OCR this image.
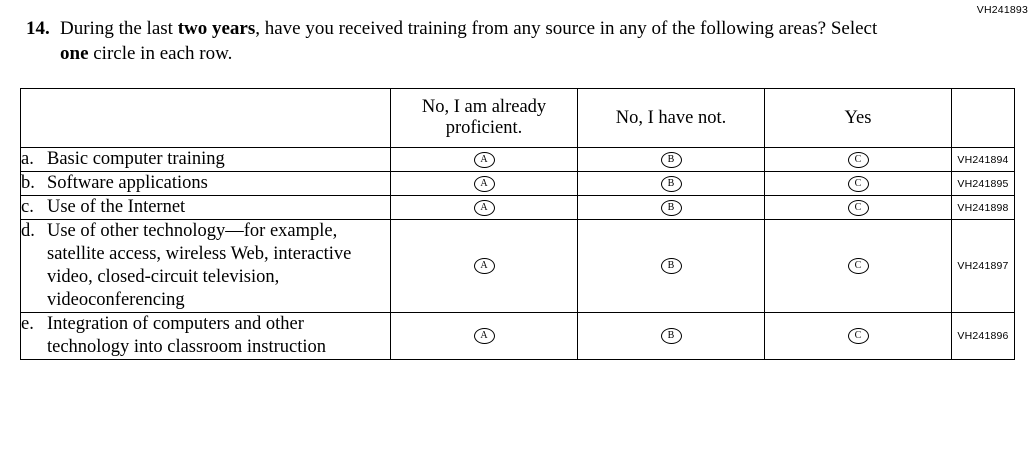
VH241893
14. During the last two years, have you received training from any source in any of the following areas? Select one circle in each row.
	No, I am already
proficient.	No, I have not.	Yes	

a. Basic computer training	A	B	C	VH241894

b. Software applications	A	B	C	VH241895

c. Use of the Internet	A	B	C	VH241898

d. Use of other technology—for example, satellite access, wireless Web, interactive video, closed-circuit television, videoconferencing	A	B	C	VH241897

e. Integration of computers and other technology into classroom instruction	A	B	C	VH241896
